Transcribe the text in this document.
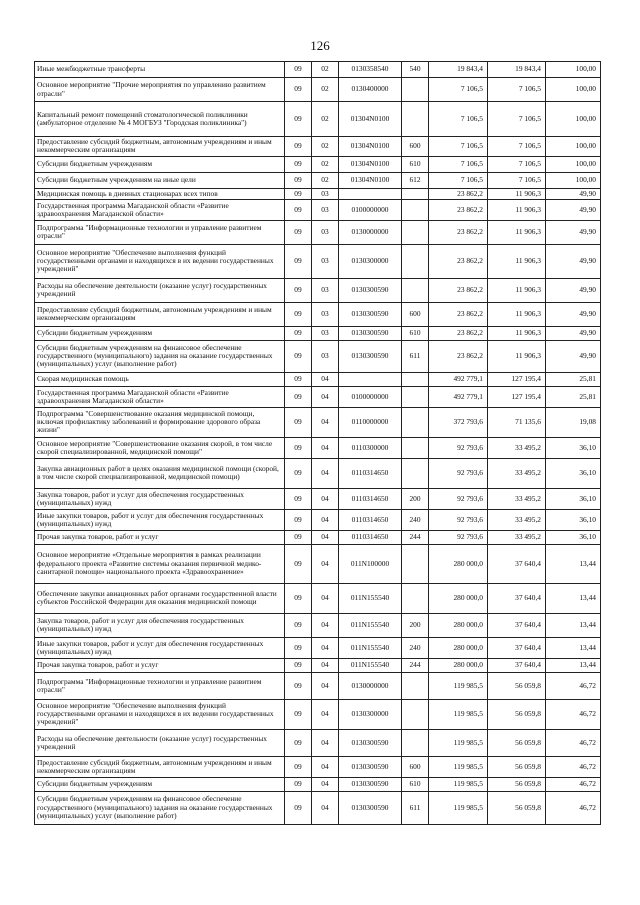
126
Иные межбюджетные трансферты	09	02	0130358540	540	19 843,4	19 843,4	100,00
Основное мероприятие "Прочие мероприятия по управлению развитием отрасли"	09	02	0130400000		7 106,5	7 106,5	100,00
Капитальный ремонт помещений стоматологической поликлиники (амбулаторное отделение № 4 МОГБУЗ "Городская поликлиника")	09	02	01304N0100		7 106,5	7 106,5	100,00
Предоставление субсидий бюджетным, автономным учреждениям и иным некоммерческим организациям	09	02	01304N0100	600	7 106,5	7 106,5	100,00
Субсидии бюджетным учреждениям	09	02	01304N0100	610	7 106,5	7 106,5	100,00
Субсидии бюджетным учреждениям на иные цели	09	02	01304N0100	612	7 106,5	7 106,5	100,00
Медицинская помощь в дневных стационарах всех типов	09	03			23 862,2	11 906,3	49,90
Государственная программа Магаданской области «Развитие здравоохранения Магаданской области»	09	03	0100000000		23 862,2	11 906,3	49,90
Подпрограмма "Информационные технологии и управление развитием отрасли"	09	03	0130000000		23 862,2	11 906,3	49,90
Основное мероприятие "Обеспечение выполнения функций государственными органами и находящихся в их ведении государственных учреждений"	09	03	0130300000		23 862,2	11 906,3	49,90
Расходы на обеспечение деятельности (оказание услуг) государственных учреждений	09	03	0130300590		23 862,2	11 906,3	49,90
Предоставление субсидий бюджетным, автономным учреждениям и иным некоммерческим организациям	09	03	0130300590	600	23 862,2	11 906,3	49,90
Субсидии бюджетным учреждениям	09	03	0130300590	610	23 862,2	11 906,3	49,90
Субсидии бюджетным учреждениям на финансовое обеспечение государственного (муниципального) задания на оказание государственных (муниципальных) услуг (выполнение работ)	09	03	0130300590	611	23 862,2	11 906,3	49,90
Скорая медицинская помощь	09	04			492 779,1	127 195,4	25,81
Государственная программа Магаданской области «Развитие здравоохранения Магаданской области»	09	04	0100000000		492 779,1	127 195,4	25,81
Подпрограмма "Совершенствование оказания медицинской помощи, включая профилактику заболеваний и формирование здорового образа жизни"	09	04	0110000000		372 793,6	71 135,6	19,08
Основное мероприятие "Совершенствование оказания скорой, в том числе скорой специализированной, медицинской помощи"	09	04	0110300000		92 793,6	33 495,2	36,10
Закупка авиационных работ в целях оказания медицинской помощи (скорой, в том числе скорой специализированной, медицинской помощи)	09	04	0110314650		92 793,6	33 495,2	36,10
Закупка товаров, работ и услуг для обеспечения государственных (муниципальных) нужд	09	04	0110314650	200	92 793,6	33 495,2	36,10
Иные закупки товаров, работ и услуг для обеспечения государственных (муниципальных) нужд	09	04	0110314650	240	92 793,6	33 495,2	36,10
Прочая закупка товаров, работ и услуг	09	04	0110314650	244	92 793,6	33 495,2	36,10
Основное мероприятие «Отдельные мероприятия в рамках реализации федерального проекта «Развитие системы оказания первичной медико-санитарной помощи» национального проекта «Здравоохранение»	09	04	011N100000		280 000,0	37 640,4	13,44
Обеспечение закупки авиационных работ органами государственной власти субъектов Российской Федерации для оказания медицинской помощи	09	04	011N155540		280 000,0	37 640,4	13,44
Закупка товаров, работ и услуг для обеспечения государственных (муниципальных) нужд	09	04	011N155540	200	280 000,0	37 640,4	13,44
Иные закупки товаров, работ и услуг для обеспечения государственных (муниципальных) нужд	09	04	011N155540	240	280 000,0	37 640,4	13,44
Прочая закупка товаров, работ и услуг	09	04	011N155540	244	280 000,0	37 640,4	13,44
Подпрограмма "Информационные технологии и управление развитием отрасли"	09	04	0130000000		119 985,5	56 059,8	46,72
Основное мероприятие "Обеспечение выполнения функций государственными органами и находящихся в их ведении государственных учреждений"	09	04	0130300000		119 985,5	56 059,8	46,72
Расходы на обеспечение деятельности (оказание услуг) государственных учреждений	09	04	0130300590		119 985,5	56 059,8	46,72
Предоставление субсидий бюджетным, автономным учреждениям и иным некоммерческим организациям	09	04	0130300590	600	119 985,5	56 059,8	46,72
Субсидии бюджетным учреждениям	09	04	0130300590	610	119 985,5	56 059,8	46,72
Субсидии бюджетным учреждениям на финансовое обеспечение государственного (муниципального) задания на оказание государственных (муниципальных) услуг (выполнение работ)	09	04	0130300590	611	119 985,5	56 059,8	46,72
